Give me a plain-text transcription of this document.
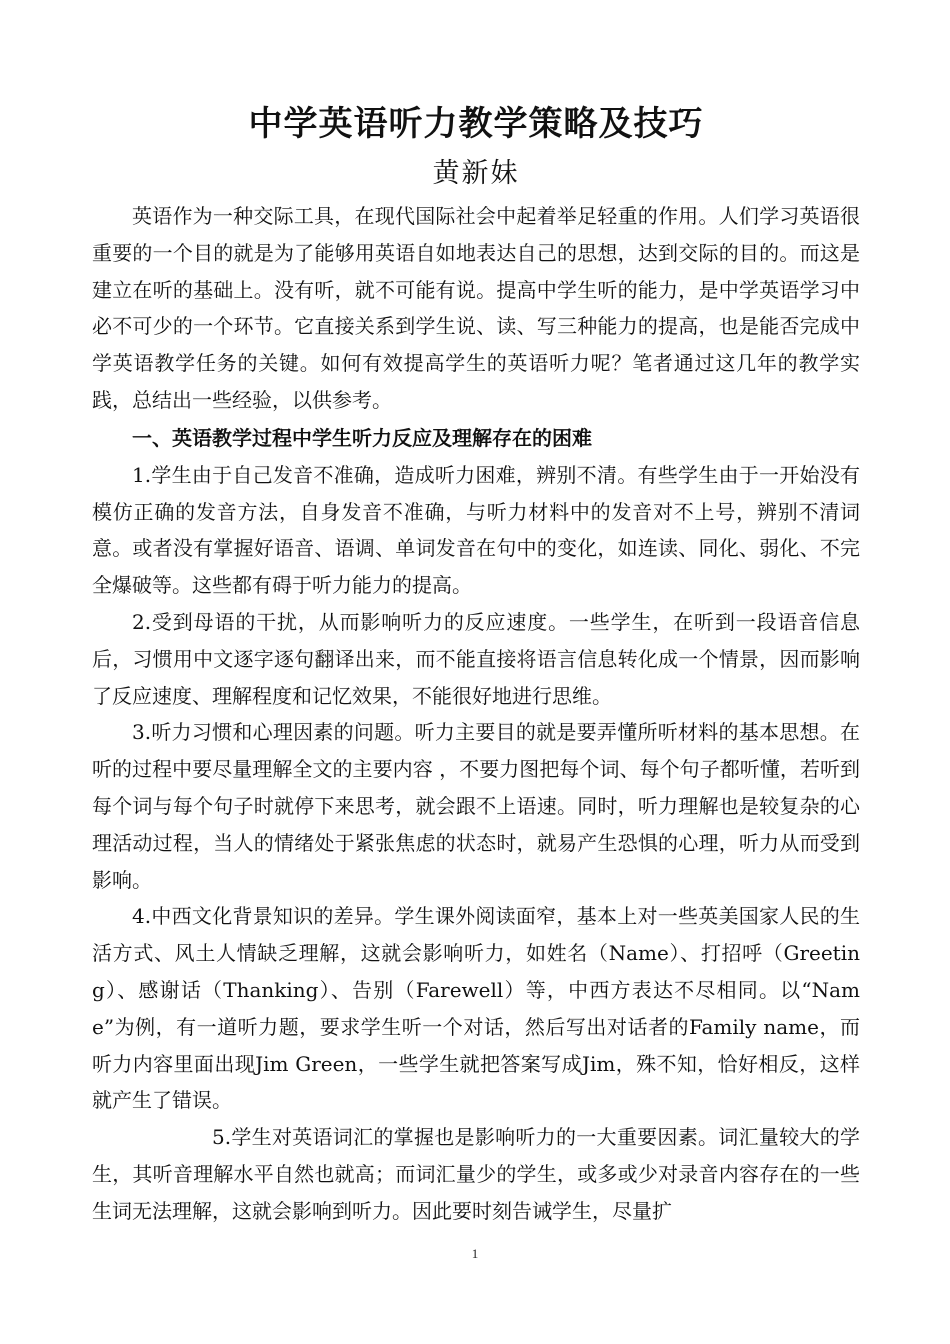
中学英语听力教学策略及技巧

黄新妹

英语作为一种交际工具，在现代国际社会中起着举足轻重的作用。人们学习英语很重要的一个目的就是为了能够用英语自如地表达自己的思想，达到交际的目的。而这是建立在听的基础上。没有听，就不可能有说。提高中学生听的能力，是中学英语学习中必不可少的一个环节。它直接关系到学生说、读、写三种能力的提高，也是能否完成中学英语教学任务的关键。如何有效提高学生的英语听力呢？笔者通过这几年的教学实践，总结出一些经验，以供参考。

一、英语教学过程中学生听力反应及理解存在的困难

1.学生由于自己发音不准确，造成听力困难，辨别不清。有些学生由于一开始没有模仿正确的发音方法，自身发音不准确，与听力材料中的发音对不上号，辨别不清词意。或者没有掌握好语音、语调、单词发音在句中的变化，如连读、同化、弱化、不完全爆破等。这些都有碍于听力能力的提高。

2.受到母语的干扰，从而影响听力的反应速度。一些学生，在听到一段语音信息后，习惯用中文逐字逐句翻译出来，而不能直接将语言信息转化成一个情景，因而影响了反应速度、理解程度和记忆效果，不能很好地进行思维。

3.听力习惯和心理因素的问题。听力主要目的就是要弄懂所听材料的基本思想。在听的过程中要尽量理解全文的主要内容 ，不要力图把每个词、每个句子都听懂，若听到每个词与每个句子时就停下来思考，就会跟不上语速。同时，听力理解也是较复杂的心理活动过程，当人的情绪处于紧张焦虑的状态时，就易产生恐惧的心理，听力从而受到影响。

4.中西文化背景知识的差异。学生课外阅读面窄，基本上对一些英美国家人民的生活方式、风土人情缺乏理解，这就会影响听力，如姓名（Name）、打招呼（Greeting）、感谢话（Thanking）、告别（Farewell）等，中西方表达不尽相同。以“Name”为例，有一道听力题，要求学生听一个对话，然后写出对话者的Family name，而听力内容里面出现Jim Green，一些学生就把答案写成Jim，殊不知，恰好相反，这样就产生了错误。

5.学生对英语词汇的掌握也是影响听力的一大重要因素。词汇量较大的学生，其听音理解水平自然也就高；而词汇量少的学生，或多或少对录音内容存在的一些生词无法理解，这就会影响到听力。因此要时刻告诫学生，尽量扩

1
